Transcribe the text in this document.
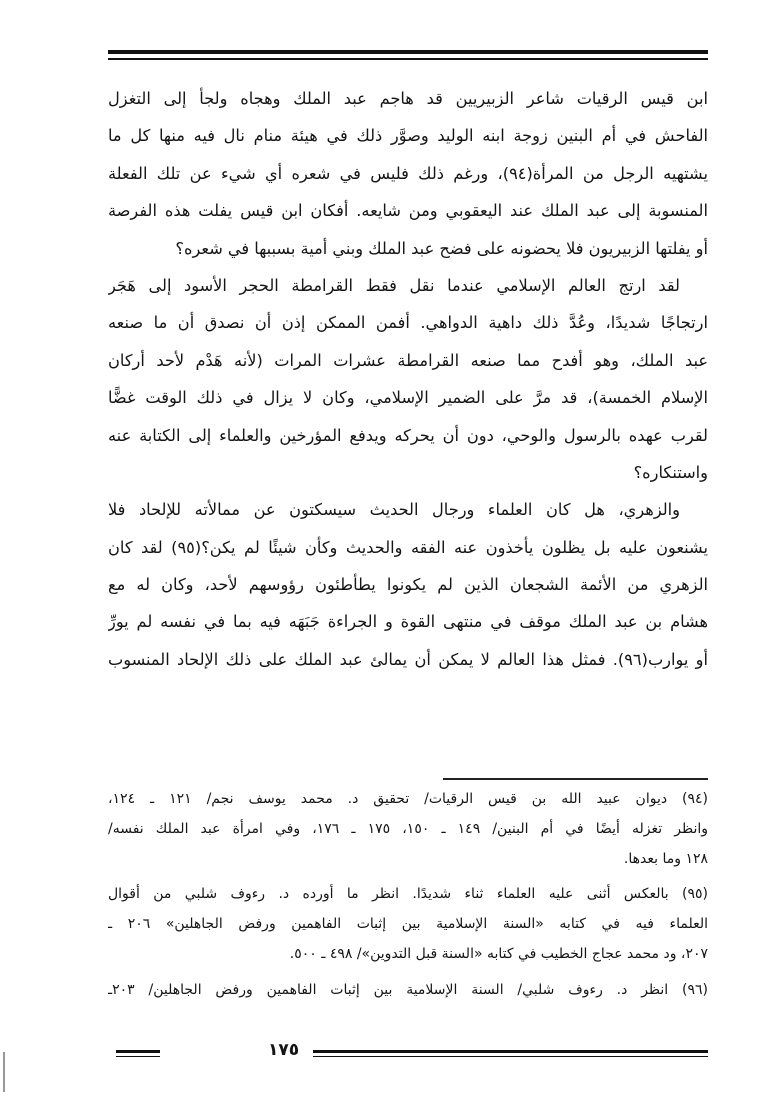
ابن قيس الرقيات شاعر الزبيريين قد هاجم عبد الملك وهجاه ولجأ إلى التغزل
الفاحش في أم البنين زوجة ابنه الوليد وصوَّر ذلك في هيئة منام نال فيه منها كل ما
يشتهيه الرجل من المرأة(٩٤)، ورغم ذلك فليس في شعره أي شيء عن تلك الفعلة
المنسوبة إلى عبد الملك عند اليعقوبي ومن شايعه. أفكان ابن قيس يفلت هذه الفرصة
أو يفلتها الزبيريون فلا يحضونه على فضح عبد الملك وبني أمية بسببها في شعره؟

لقد ارتج العالم الإسلامي عندما نقل فقط القرامطة الحجر الأسود إلى هَجَر
ارتجاجًا شديدًا، وعُدَّ ذلك داهية الدواهي. أفمن الممكن إذن أن نصدق أن ما صنعه
عبد الملك، وهو أفدح مما صنعه القرامطة عشرات المرات (لأنه هَدْم لأحد أركان
الإسلام الخمسة)، قد مرَّ على الضمير الإسلامي، وكان لا يزال في ذلك الوقت غضًّا
لقرب عهده بالرسول والوحي، دون أن يحركه ويدفع المؤرخين والعلماء إلى الكتابة عنه
واستنكاره؟

والزهري، هل كان العلماء ورجال الحديث سيسكتون عن ممالأته للإلحاد فلا
يشنعون عليه بل يظلون يأخذون عنه الفقه والحديث وكأن شيئًا لم يكن؟(٩٥) لقد كان
الزهري من الأئمة الشجعان الذين لم يكونوا يطأطئون رؤوسهم لأحد، وكان له مع
هشام بن عبد الملك موقف في منتهى القوة و الجراءة جَبَهَه فيه بما في نفسه لم يورِّ
أو يوارب(٩٦). فمثل هذا العالم لا يمكن أن يمالئ عبد الملك على ذلك الإلحاد المنسوب

(٩٤) ديوان عبيد الله بن قيس الرقيات/ تحقيق د. محمد يوسف نجم/ ١٢١ ـ ١٢٤،
وانظر تغزله أيضًا في أم البنين/ ١٤٩ ـ ١٥٠، ١٧٥ ـ ١٧٦، وفي امرأة عبد الملك نفسه/
١٢٨ وما بعدها.
(٩٥) بالعكس أثنى عليه العلماء ثناء شديدًا. انظر ما أورده د. رءوف شلبي من أقوال
العلماء فيه في كتابه «السنة الإسلامية بين إثبات الفاهمين ورفض الجاهلين» ٢٠٦ ـ
٢٠٧، ود محمد عجاج الخطيب في كتابه «السنة قبل التدوين»/ ٤٩٨ ـ ٥٠٠.
(٩٦) انظر د. رءوف شلبي/ السنة الإسلامية بين إثبات الفاهمين ورفض الجاهلين/ ٢٠٣ـ
١٧٥
